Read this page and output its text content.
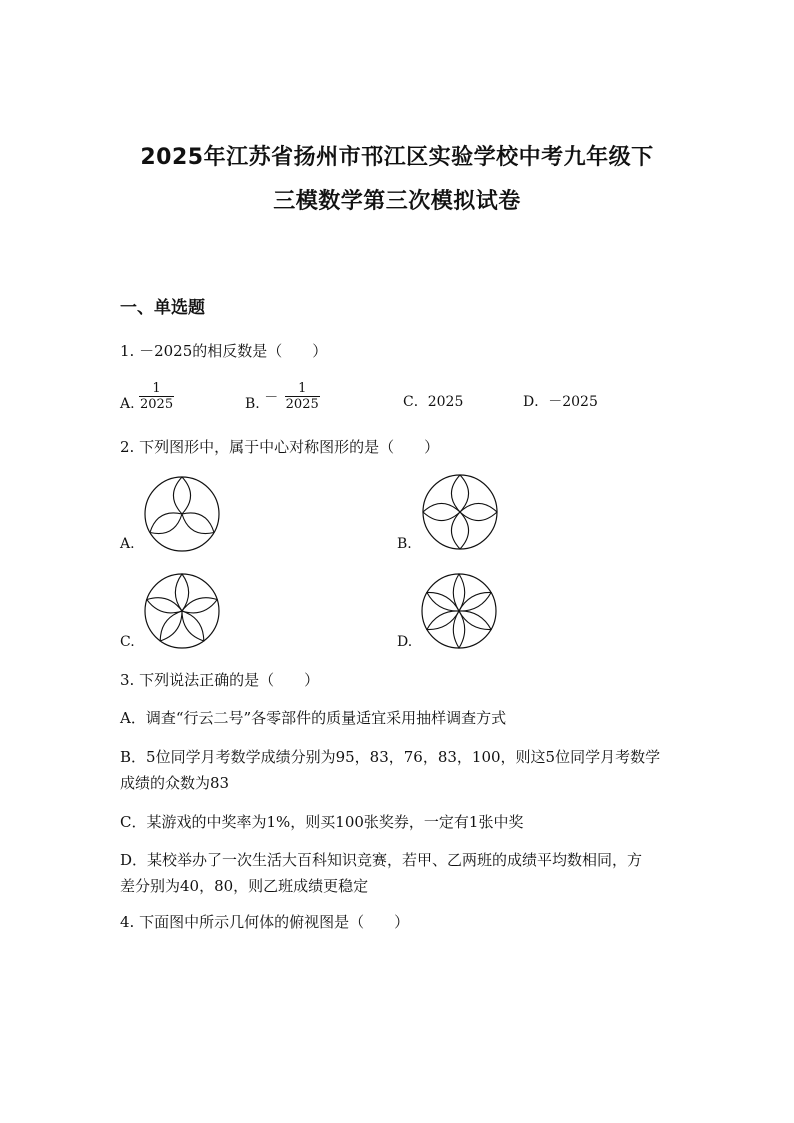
2025年江苏省扬州市邗江区实验学校中考九年级下
三模数学第三次模拟试卷
一、单选题
1. －2025的相反数是（　　）
A. $\frac{1}{2025}$	B. － $\frac{1}{2025}$	C．2025	D．－2025
2. 下列图形中，属于中心对称图形的是（　　）
A.	B.
C.	D.
3. 下列说法正确的是（　　）
A．调查“行云二号”各零部件的质量适宜采用抽样调查方式
B．5位同学月考数学成绩分别为95，83，76，83，100，则这5位同学月考数学
成绩的众数为83
C．某游戏的中奖率为1%，则买100张奖券，一定有1张中奖
D．某校举办了一次生活大百科知识竞赛，若甲、乙两班的成绩平均数相同，方
差分别为40，80，则乙班成绩更稳定
4. 下面图中所示几何体的俯视图是（　　）
